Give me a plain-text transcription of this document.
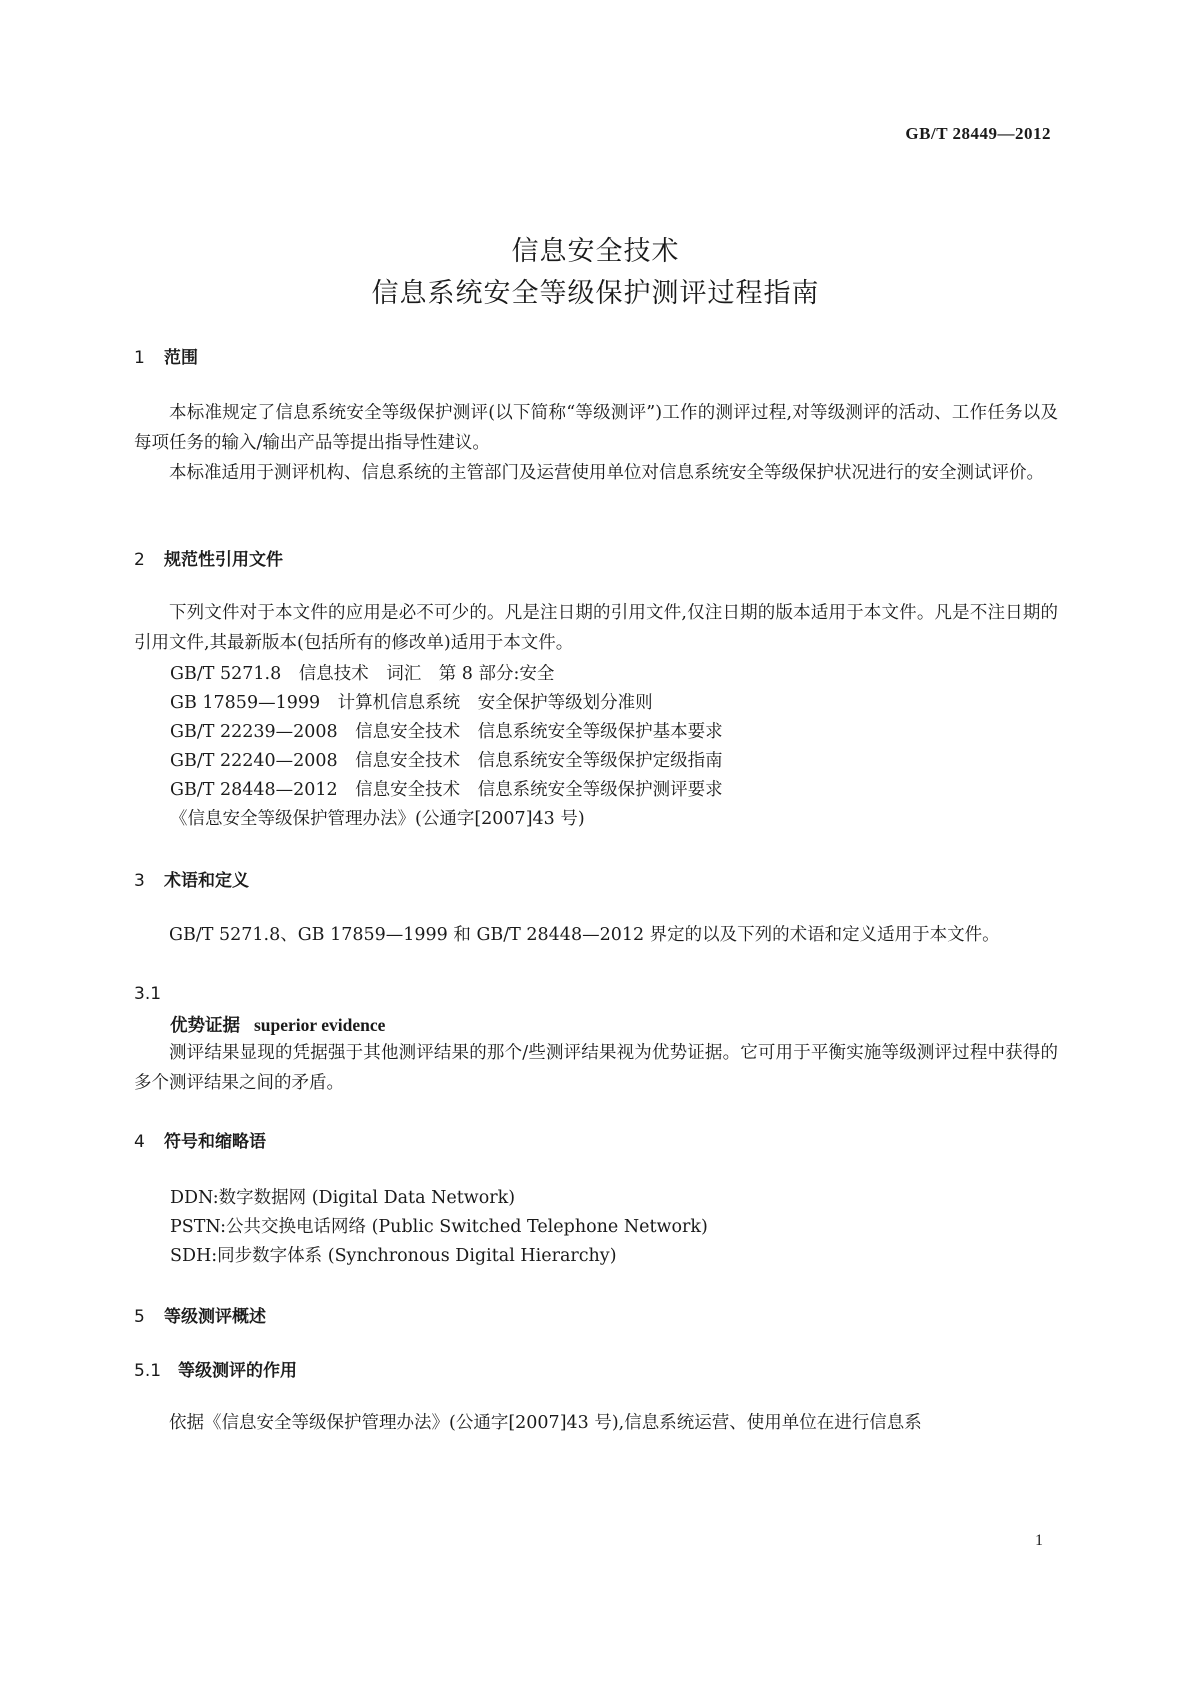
GB/T 28449—2012
信息安全技术
信息系统安全等级保护测评过程指南
1 范围

本标准规定了信息系统安全等级保护测评(以下简称“等级测评”)工作的测评过程,对等级测评的活动、工作任务以及每项任务的输入/输出产品等提出指导性建议。

本标准适用于测评机构、信息系统的主管部门及运营使用单位对信息系统安全等级保护状况进行的安全测试评价。

2 规范性引用文件

下列文件对于本文件的应用是必不可少的。凡是注日期的引用文件,仅注日期的版本适用于本文件。凡是不注日期的引用文件,其最新版本(包括所有的修改单)适用于本文件。

GB/T 5271.8　信息技术　词汇　第 8 部分:安全
GB 17859—1999　计算机信息系统　安全保护等级划分准则
GB/T 22239—2008　信息安全技术　信息系统安全等级保护基本要求
GB/T 22240—2008　信息安全技术　信息系统安全等级保护定级指南
GB/T 28448—2012　信息安全技术　信息系统安全等级保护测评要求
《信息安全等级保护管理办法》(公通字[2007]43 号)
3 术语和定义

GB/T 5271.8、GB 17859—1999 和 GB/T 28448—2012 界定的以及下列的术语和定义适用于本文件。

3.1
优势证据 superior evidence

测评结果显现的凭据强于其他测评结果的那个/些测评结果视为优势证据。它可用于平衡实施等级测评过程中获得的多个测评结果之间的矛盾。

4 符号和缩略语
DDN:数字数据网 (Digital Data Network)
PSTN:公共交换电话网络 (Public Switched Telephone Network)
SDH:同步数字体系 (Synchronous Digital Hierarchy)
5 等级测评概述
5.1 等级测评的作用

依据《信息安全等级保护管理办法》(公通字[2007]43 号),信息系统运营、使用单位在进行信息系

1
